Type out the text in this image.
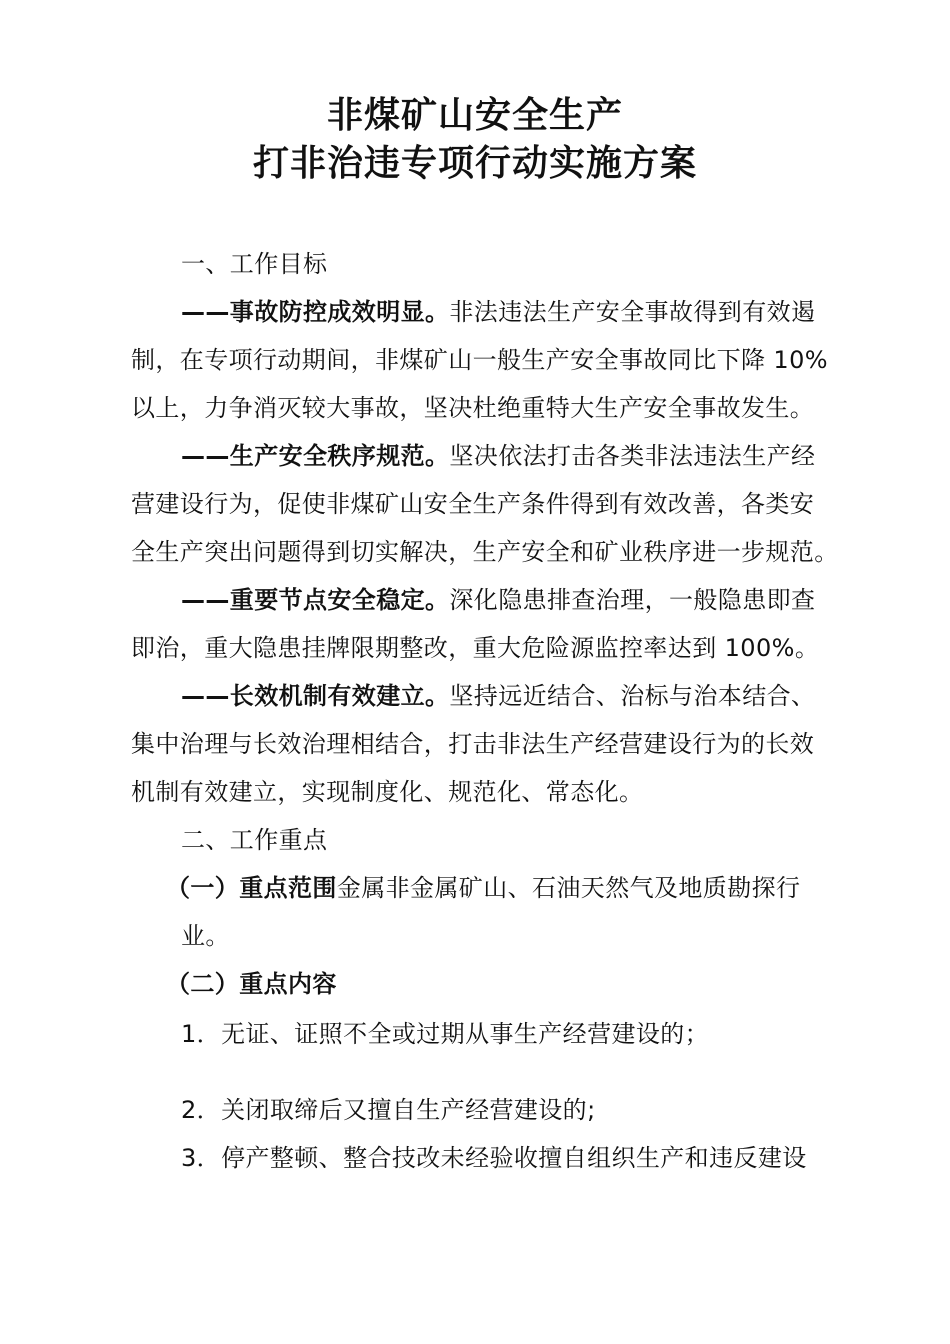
非煤矿山安全生产
打非治违专项行动实施方案
一、工作目标
——事故防控成效明显。非法违法生产安全事故得到有效遏
制，在专项行动期间，非煤矿山一般生产安全事故同比下降 10%
以上，力争消灭较大事故，坚决杜绝重特大生产安全事故发生。
——生产安全秩序规范。坚决依法打击各类非法违法生产经
营建设行为，促使非煤矿山安全生产条件得到有效改善，各类安
全生产突出问题得到切实解决，生产安全和矿业秩序进一步规范。
——重要节点安全稳定。深化隐患排查治理，一般隐患即查
即治，重大隐患挂牌限期整改，重大危险源监控率达到 100%。
——长效机制有效建立。坚持远近结合、治标与治本结合、
集中治理与长效治理相结合，打击非法生产经营建设行为的长效
机制有效建立，实现制度化、规范化、常态化。
二、工作重点
（一）重点范围金属非金属矿山、石油天然气及地质勘探行
业。
（二）重点内容
1．无证、证照不全或过期从事生产经营建设的；
2．关闭取缔后又擅自生产经营建设的;
3．停产整顿、整合技改未经验收擅自组织生产和违反建设
